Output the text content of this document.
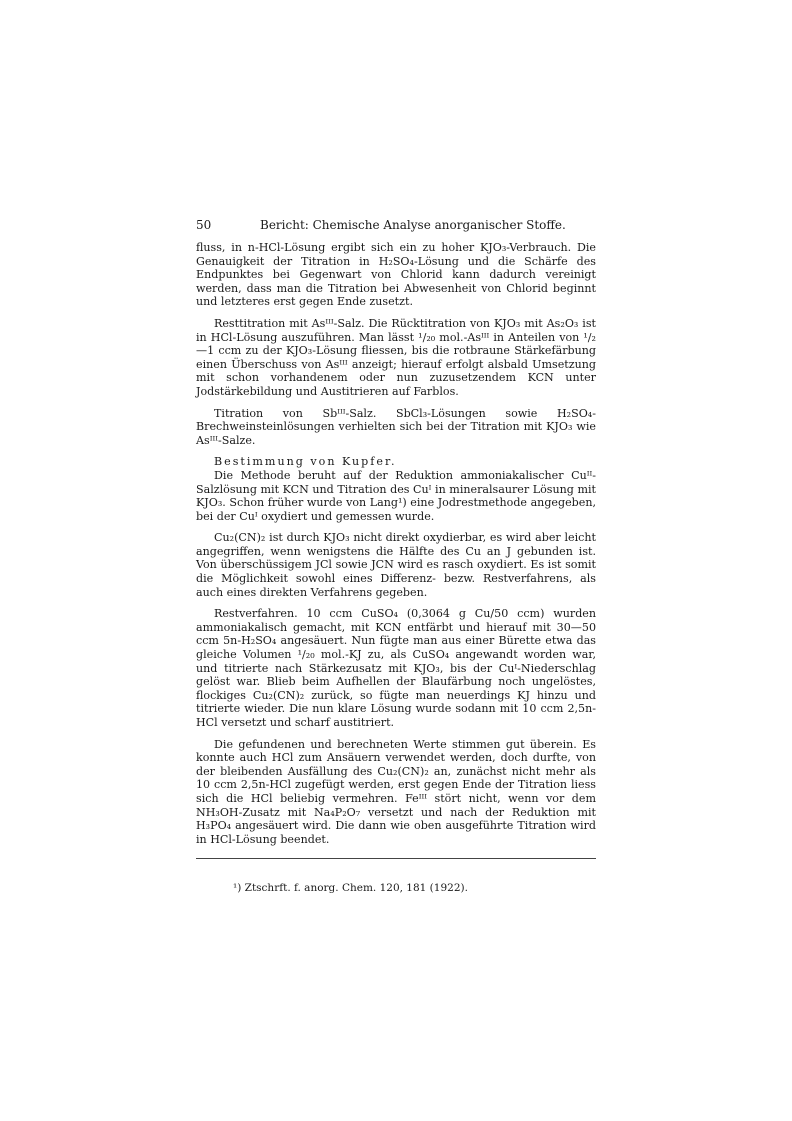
50	Bericht: Chemische Analyse anorganischer Stoffe.

fluss, in n-HCl-Lösung ergibt sich ein zu hoher KJO₃-Verbrauch. Die Genauigkeit der Titration in H₂SO₄-Lösung und die Schärfe des Endpunktes bei Gegenwart von Chlorid kann dadurch vereinigt werden, dass man die Titration bei Abwesenheit von Chlorid beginnt und letzteres erst gegen Ende zusetzt.

Resttitration mit Asᴵᴵᴵ-Salz. Die Rücktitration von KJO₃ mit As₂O₃ ist in HCl-Lösung auszuführen. Man lässt ¹/₂₀ mol.-Asᴵᴵᴵ in Anteilen von ¹/₂—1 ccm zu der KJO₃-Lösung fliessen, bis die rotbraune Stärkefärbung einen Überschuss von Asᴵᴵᴵ anzeigt; hierauf erfolgt alsbald Umsetzung mit schon vorhandenem oder nun zuzusetzendem KCN unter Jodstärkebildung und Austitrieren auf Farblos.

Titration von Sbᴵᴵᴵ-Salz. SbCl₃-Lösungen sowie H₂SO₄-Brechweinsteinlösungen verhielten sich bei der Titration mit KJO₃ wie Asᴵᴵᴵ-Salze.

Bestimmung von Kupfer.

Die Methode beruht auf der Reduktion ammoniakalischer Cuᴵᴵ-Salzlösung mit KCN und Titration des Cuᴵ in mineralsaurer Lösung mit KJO₃. Schon früher wurde von Lang¹) eine Jodrestmethode angegeben, bei der Cuᴵ oxydiert und gemessen wurde.

Cu₂(CN)₂ ist durch KJO₃ nicht direkt oxydierbar, es wird aber leicht angegriffen, wenn wenigstens die Hälfte des Cu an J gebunden ist. Von überschüssigem JCl sowie JCN wird es rasch oxydiert. Es ist somit die Möglichkeit sowohl eines Differenz- bezw. Restverfahrens, als auch eines direkten Verfahrens gegeben.

Restverfahren. 10 ccm CuSO₄ (0,3064 g Cu/50 ccm) wurden ammoniakalisch gemacht, mit KCN entfärbt und hierauf mit 30—50 ccm 5n-H₂SO₄ angesäuert. Nun fügte man aus einer Bürette etwa das gleiche Volumen ¹/₂₀ mol.-KJ zu, als CuSO₄ angewandt worden war, und titrierte nach Stärkezusatz mit KJO₃, bis der Cuᴵ-Niederschlag gelöst war. Blieb beim Aufhellen der Blaufärbung noch ungelöstes, flockiges Cu₂(CN)₂ zurück, so fügte man neuerdings KJ hinzu und titrierte wieder. Die nun klare Lösung wurde sodann mit 10 ccm 2,5n-HCl versetzt und scharf austitriert.

Die gefundenen und berechneten Werte stimmen gut überein. Es konnte auch HCl zum Ansäuern verwendet werden, doch durfte, von der bleibenden Ausfällung des Cu₂(CN)₂ an, zunächst nicht mehr als 10 ccm 2,5n-HCl zugefügt werden, erst gegen Ende der Titration liess sich die HCl beliebig vermehren. Feᴵᴵᴵ stört nicht, wenn vor dem NH₃OH-Zusatz mit Na₄P₂O₇ versetzt und nach der Reduktion mit H₃PO₄ angesäuert wird. Die dann wie oben ausgeführte Titration wird in HCl-Lösung beendet.

¹) Ztschrft. f. anorg. Chem. 120, 181 (1922).
